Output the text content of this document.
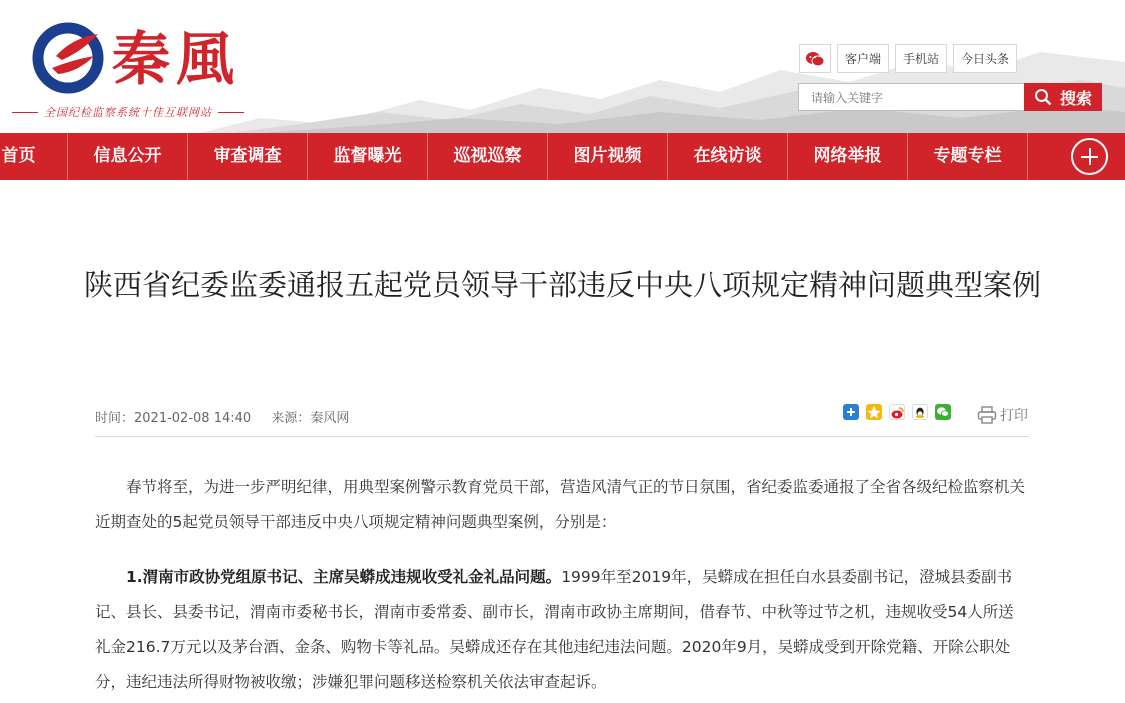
秦風
全国纪检监察系统十佳互联网站
客户端	手机站	今日头条
请输入关键字	搜索
首页	信息公开	审查调查	监督曝光	巡视巡察	图片视频	在线访谈	网络举报	专题专栏
陕西省纪委监委通报五起党员领导干部违反中央八项规定精神问题典型案例
时间：2021-02-08 14:40 来源：秦风网	打印

春节将至，为进一步严明纪律，用典型案例警示教育党员干部，营造风清气正的节日氛围，省纪委监委通报了全省各级纪检监察机关近期查处的5起党员领导干部违反中央八项规定精神问题典型案例，分别是：

1.渭南市政协党组原书记、主席吴蟒成违规收受礼金礼品问题。1999年至2019年，吴蟒成在担任白水县委副书记，澄城县委副书记、县长、县委书记，渭南市委秘书长，渭南市委常委、副市长，渭南市政协主席期间，借春节、中秋等过节之机，违规收受54人所送礼金216.7万元以及茅台酒、金条、购物卡等礼品。吴蟒成还存在其他违纪违法问题。2020年9月，吴蟒成受到开除党籍、开除公职处分，违纪违法所得财物被收缴；涉嫌犯罪问题移送检察机关依法审查起诉。
